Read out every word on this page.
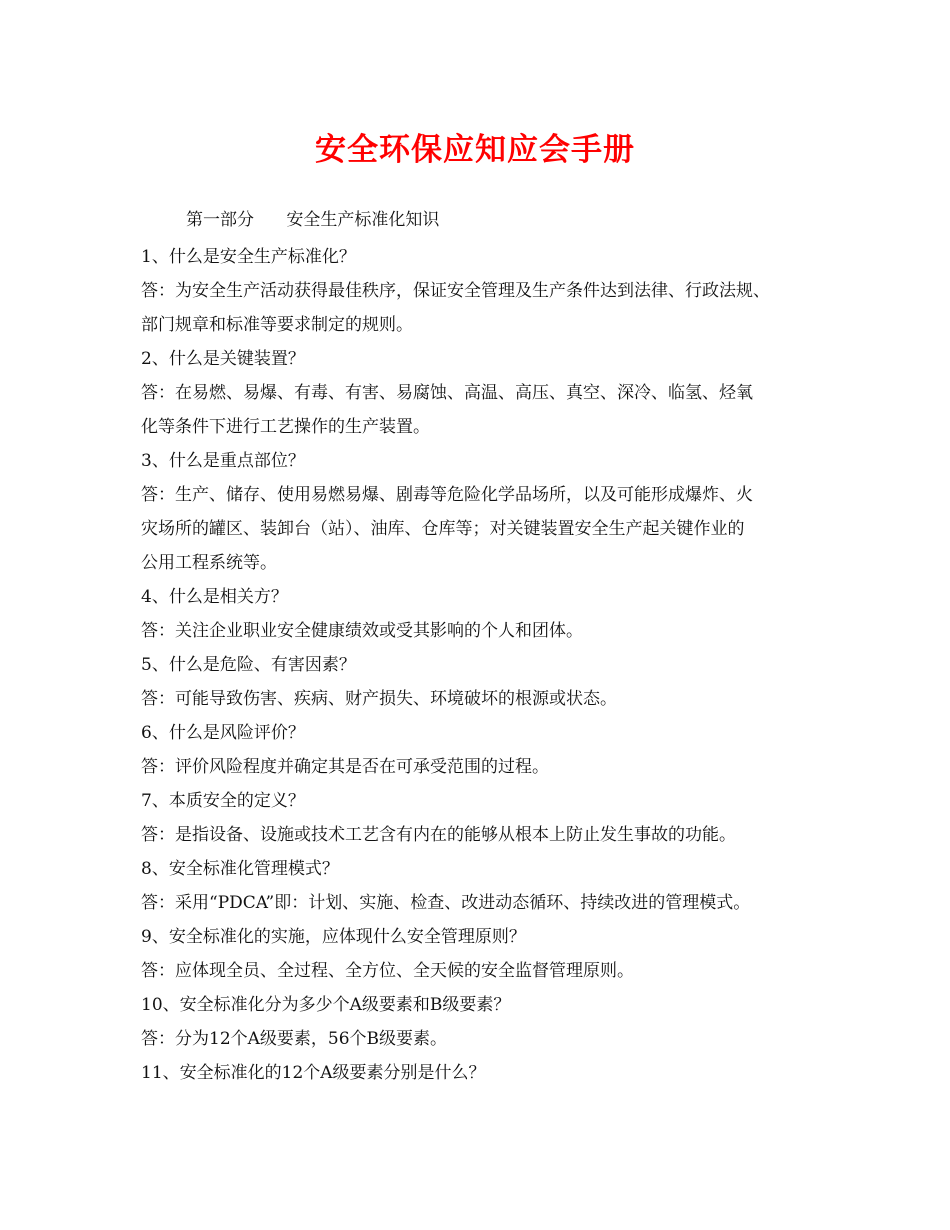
安全环保应知应会手册
第一部分      安全生产标准化知识
1、什么是安全生产标准化？
答：为安全生产活动获得最佳秩序，保证安全管理及生产条件达到法律、行政法规、
部门规章和标准等要求制定的规则。
2、什么是关键装置？
答：在易燃、易爆、有毒、有害、易腐蚀、高温、高压、真空、深冷、临氢、烃氧
化等条件下进行工艺操作的生产装置。
3、什么是重点部位？
答：生产、储存、使用易燃易爆、剧毒等危险化学品场所，以及可能形成爆炸、火
灾场所的罐区、装卸台（站）、油库、仓库等；对关键装置安全生产起关键作业的
公用工程系统等。
4、什么是相关方？
答：关注企业职业安全健康绩效或受其影响的个人和团体。
5、什么是危险、有害因素？
答：可能导致伤害、疾病、财产损失、环境破坏的根源或状态。
6、什么是风险评价？
答：评价风险程度并确定其是否在可承受范围的过程。
7、本质安全的定义？
答：是指设备、设施或技术工艺含有内在的能够从根本上防止发生事故的功能。
8、安全标准化管理模式？
答：采用“PDCA”即：计划、实施、检查、改进动态循环、持续改进的管理模式。
9、安全标准化的实施，应体现什么安全管理原则？
答：应体现全员、全过程、全方位、全天候的安全监督管理原则。
10、安全标准化分为多少个A级要素和B级要素？
答：分为12个A级要素，56个B级要素。
11、安全标准化的12个A级要素分别是什么？
